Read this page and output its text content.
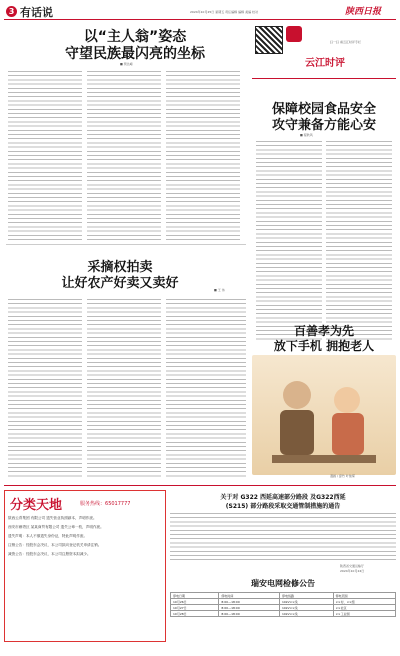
3 有话说	2024年10月25日 星期五 责任编辑 编辑 美编 校对	陕西日报
以“主人翁”姿态
守望民族最闪亮的坐标
■ 贾达峰	云江时评
扫一扫 看云江时评专栏
保障校园食品安全
攻守兼备方能心安
■ 程秋风
采摘权拍卖
让好农产好卖又卖好	■ 王 伟
百善孝为先
放下手机 拥抱老人
漫画 / 廖竹 叶俊琛
分类天地	服务热线：65017777
陕西云青集团 有限公司 遗失营业执照副本，声明作废。
西安市雁塔区 某某商贸有限公司 遗失公章一枚，声明作废。
遗失声明：本人不慎遗失身份证，特此声明作废。
注销公告：经股东会决议，本公司拟向登记机关申请注销。
减资公告：经股东会决议，本公司注册资本拟减少。
关于对 G322 西延高速部分路段 及G322西延
(S215) 部分路段采取交通管制措施的通告
陕西省交通运输厅
2024年10月24日
瑞安电网检修公告
停电日期	停电时间	停电线路	停电范围
10月26日	8:00—18:00	10kV××线	××村、××组
10月27日	8:00—18:00	10kV××线	××社区
10月28日	8:00—18:00	10kV××线	××工业园
